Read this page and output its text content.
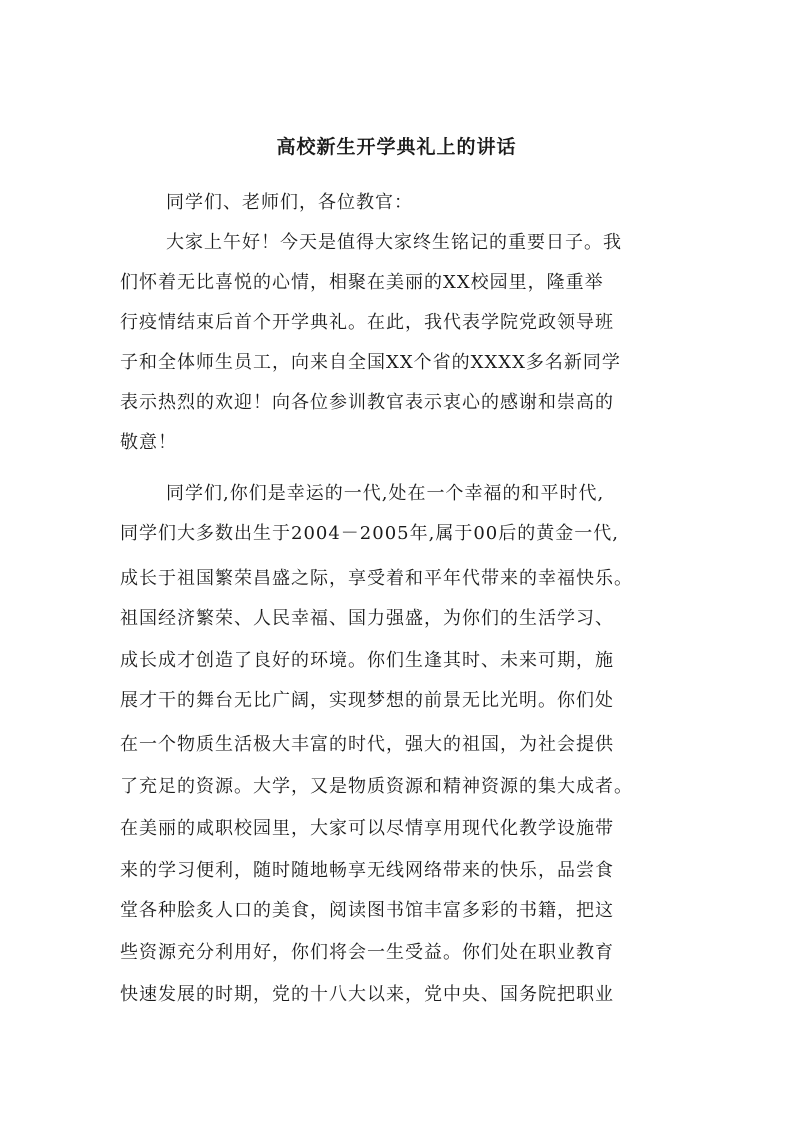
高校新生开学典礼上的讲话
同学们、老师们，各位教官：
大家上午好！今天是值得大家终生铭记的重要日子。我
们怀着无比喜悦的心情，相聚在美丽的XX校园里，隆重举
行疫情结束后首个开学典礼。在此，我代表学院党政领导班
子和全体师生员工，向来自全国XX个省的XXXX多名新同学
表示热烈的欢迎！向各位参训教官表示衷心的感谢和崇高的
敬意！
同学们,你们是幸运的一代,处在一个幸福的和平时代,
同学们大多数出生于2004－2005年,属于00后的黄金一代,
成长于祖国繁荣昌盛之际，享受着和平年代带来的幸福快乐。
祖国经济繁荣、人民幸福、国力强盛，为你们的生活学习、
成长成才创造了良好的环境。你们生逢其时、未来可期，施
展才干的舞台无比广阔，实现梦想的前景无比光明。你们处
在一个物质生活极大丰富的时代，强大的祖国，为社会提供
了充足的资源。大学，又是物质资源和精神资源的集大成者。
在美丽的咸职校园里，大家可以尽情享用现代化教学设施带
来的学习便利，随时随地畅享无线网络带来的快乐，品尝食
堂各种脍炙人口的美食，阅读图书馆丰富多彩的书籍，把这
些资源充分利用好，你们将会一生受益。你们处在职业教育
快速发展的时期，党的十八大以来，党中央、国务院把职业
